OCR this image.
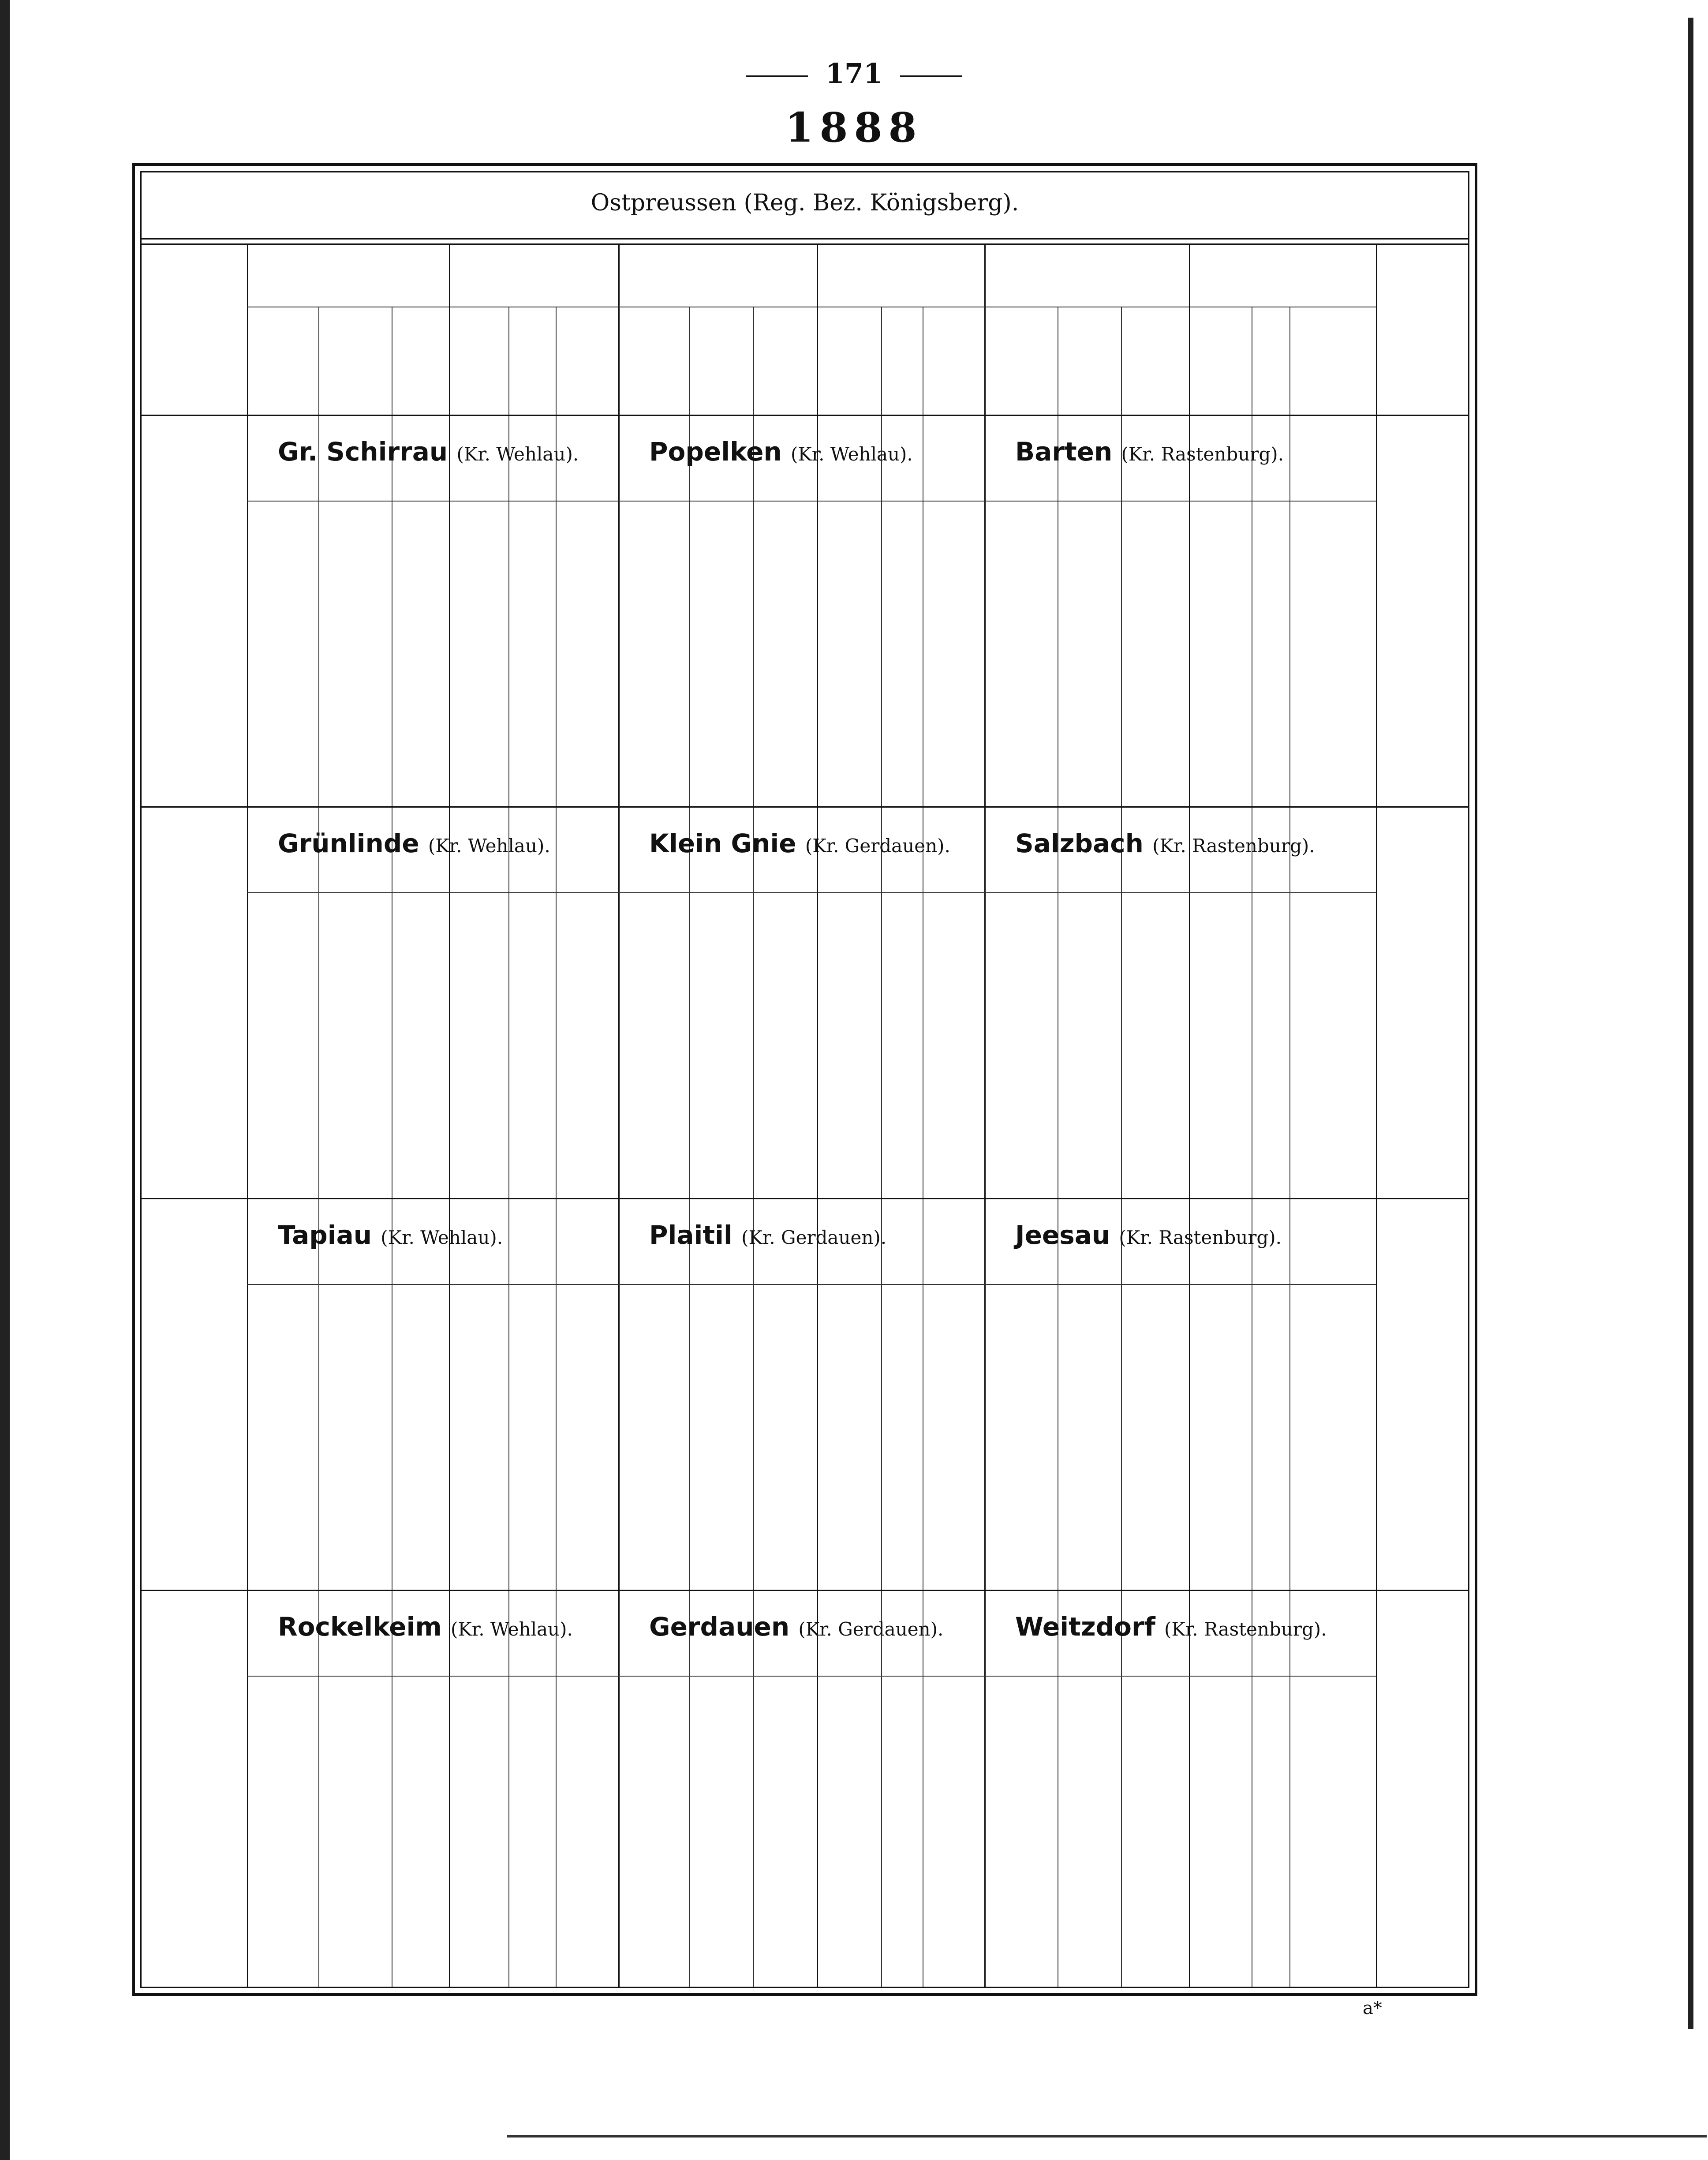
171
1888
Ostpreussen (Reg. Bez. Königsberg).
Gr. Schirrau (Kr. Wehlau).	Popelken (Kr. Wehlau).	Barten (Kr. Rastenburg).
Grünlinde (Kr. Wehlau).	Klein Gnie (Kr. Gerdauen).	Salzbach (Kr. Rastenburg).
Tapiau (Kr. Wehlau).	Plaitil (Kr. Gerdauen).	Jeesau (Kr. Rastenburg).
Rockelkeim (Kr. Wehlau).	Gerdauen (Kr. Gerdauen).	Weitzdorf (Kr. Rastenburg).
a*
